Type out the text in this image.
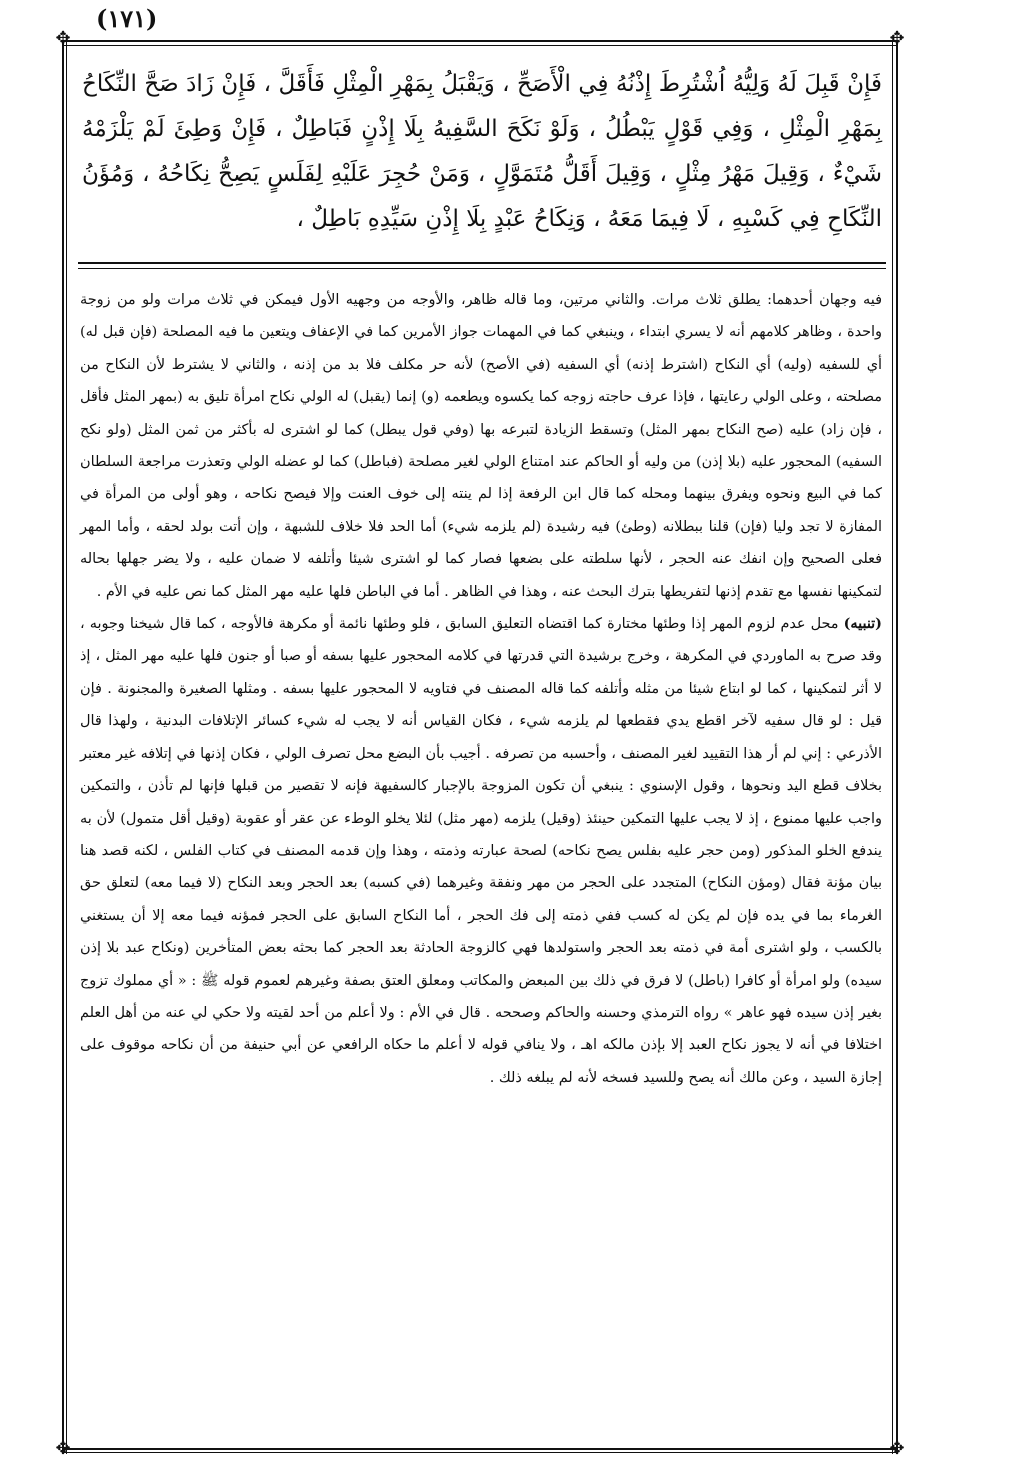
(١٧١)
✥	✥
✥	✥

فَإِنْ قَبِلَ لَهُ وَلِيُّهُ اُشْتُرِطَ إِذْنُهُ فِي الْأَصَحِّ ، وَيَقْبَلُ بِمَهْرِ الْمِثْلِ فَأَقَلَّ ، فَإِنْ زَادَ صَحَّ النِّكَاحُ بِمَهْرِ الْمِثْلِ ، وَفِي قَوْلٍ يَبْطُلُ ، وَلَوْ نَكَحَ السَّفِيهُ بِلَا إِذْنٍ فَبَاطِلٌ ، فَإِنْ وَطِئَ لَمْ يَلْزَمْهُ شَيْءٌ ، وَقِيلَ مَهْرُ مِثْلٍ ، وَقِيلَ أَقَلُّ مُتَمَوَّلٍ ، وَمَنْ حُجِرَ عَلَيْهِ لِفَلَسٍ يَصِحُّ نِكَاحُهُ ، وَمُؤَنُ النِّكَاحِ فِي كَسْبِهِ ، لَا فِيمَا مَعَهُ ، وَنِكَاحُ عَبْدٍ بِلَا إِذْنِ سَيِّدِهِ بَاطِلٌ ،

فيه وجهان أحدهما: يطلق ثلاث مرات. والثاني مرتين، وما قاله ظاهر، والأوجه من وجهيه الأول فيمكن في ثلاث مرات ولو من زوجة واحدة ، وظاهر كلامهم أنه لا يسري ابتداء ، وينبغي كما في المهمات جواز الأمرين كما في الإعفاف ويتعين ما فيه المصلحة (فإن قبل له) أي للسفيه (وليه) أي النكاح (اشترط إذنه) أي السفيه (في الأصح) لأنه حر مكلف فلا بد من إذنه ، والثاني لا يشترط لأن النكاح من مصلحته ، وعلى الولي رعايتها ، فإذا عرف حاجته زوجه كما يكسوه ويطعمه (و) إنما (يقبل) له الولي نكاح امرأة تليق به (بمهر المثل فأقل ، فإن زاد) عليه (صح النكاح بمهر المثل) وتسقط الزيادة لتبرعه بها (وفي قول يبطل) كما لو اشترى له بأكثر من ثمن المثل (ولو نكح السفيه) المحجور عليه (بلا إذن) من وليه أو الحاكم عند امتناع الولي لغير مصلحة (فباطل) كما لو عضله الولي وتعذرت مراجعة السلطان كما في البيع ونحوه ويفرق بينهما ومحله كما قال ابن الرفعة إذا لم ينته إلى خوف العنت وإلا فيصح نكاحه ، وهو أولى من المرأة في المفازة لا تجد وليا (فإن) قلنا ببطلانه (وطئ) فيه رشيدة (لم يلزمه شيء) أما الحد فلا خلاف للشبهة ، وإن أتت بولد لحقه ، وأما المهر فعلى الصحيح وإن انفك عنه الحجر ، لأنها سلطته على بضعها فصار كما لو اشترى شيئا وأتلفه لا ضمان عليه ، ولا يضر جهلها بحاله لتمكينها نفسها مع تقدم إذنها لتفريطها بترك البحث عنه ، وهذا في الظاهر . أما في الباطن فلها عليه مهر المثل كما نص عليه في الأم .

(تنبيه) محل عدم لزوم المهر إذا وطئها مختارة كما اقتضاه التعليق السابق ، فلو وطئها نائمة أو مكرهة فالأوجه ، كما قال شيخنا وجوبه ، وقد صرح به الماوردي في المكرهة ، وخرج برشيدة التي قدرتها في كلامه المحجور عليها بسفه أو صبا أو جنون فلها عليه مهر المثل ، إذ لا أثر لتمكينها ، كما لو ابتاع شيئا من مثله وأتلفه كما قاله المصنف في فتاويه لا المحجور عليها بسفه . ومثلها الصغيرة والمجنونة . فإن قيل : لو قال سفيه لآخر اقطع يدي فقطعها لم يلزمه شيء ، فكان القياس أنه لا يجب له شيء كسائر الإتلافات البدنية ، ولهذا قال الأذرعي : إني لم أر هذا التقييد لغير المصنف ، وأحسبه من تصرفه . أجيب بأن البضع محل تصرف الولي ، فكان إذنها في إتلافه غير معتبر بخلاف قطع اليد ونحوها ، وقول الإسنوي : ينبغي أن تكون المزوجة بالإجبار كالسفيهة فإنه لا تقصير من قبلها فإنها لم تأذن ، والتمكين واجب عليها ممنوع ، إذ لا يجب عليها التمكين حينئذ (وقيل) يلزمه (مهر مثل) لئلا يخلو الوطء عن عقر أو عقوبة (وقيل أقل متمول) لأن به يندفع الخلو المذكور (ومن حجر عليه بفلس يصح نكاحه) لصحة عبارته وذمته ، وهذا وإن قدمه المصنف في كتاب الفلس ، لكنه قصد هنا بيان مؤنة فقال (ومؤن النكاح) المتجدد على الحجر من مهر ونفقة وغيرهما (في كسبه) بعد الحجر وبعد النكاح (لا فيما معه) لتعلق حق الغرماء بما في يده فإن لم يكن له كسب ففي ذمته إلى فك الحجر ، أما النكاح السابق على الحجر فمؤنه فيما معه إلا أن يستغني بالكسب ، ولو اشترى أمة في ذمته بعد الحجر واستولدها فهي كالزوجة الحادثة بعد الحجر كما بحثه بعض المتأخرين (ونكاح عبد بلا إذن سيده) ولو امرأة أو كافرا (باطل) لا فرق في ذلك بين المبعض والمكاتب ومعلق العتق بصفة وغيرهم لعموم قوله ﷺ : « أي مملوك تزوج بغير إذن سيده فهو عاهر » رواه الترمذي وحسنه والحاكم وصححه . قال في الأم : ولا أعلم من أحد لقيته ولا حكي لي عنه من أهل العلم اختلافا في أنه لا يجوز نكاح العبد إلا بإذن مالكه اهـ ، ولا ينافي قوله لا أعلم ما حكاه الرافعي عن أبي حنيفة من أن نكاحه موقوف على إجازة السيد ، وعن مالك أنه يصح وللسيد فسخه لأنه لم يبلغه ذلك .
